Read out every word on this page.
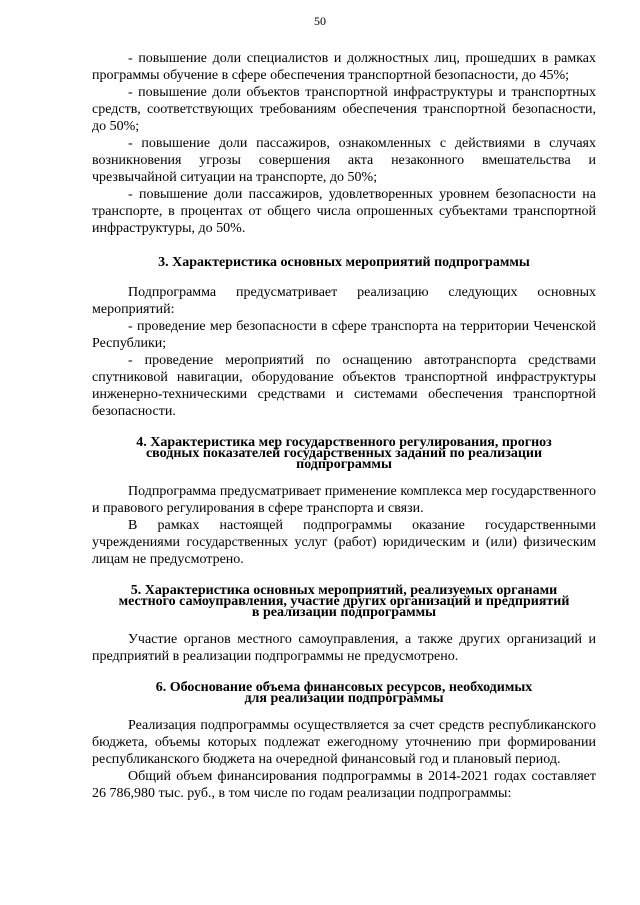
50

- повышение доли специалистов и должностных лиц, прошедших в рамках программы обучение в сфере обеспечения транспортной безопасности, до 45%;

- повышение доли объектов транспортной инфраструктуры и транспортных средств, соответствующих требованиям обеспечения транспортной безопасности, до 50%;

- повышение доли пассажиров, ознакомленных с действиями в случаях возникновения угрозы совершения акта незаконного вмешательства и чрезвычайной ситуации на транспорте, до 50%;

- повышение доли пассажиров, удовлетворенных уровнем безопасности на транспорте, в процентах от общего числа опрошенных субъектами транспортной инфраструктуры, до 50%.

3. Характеристика основных мероприятий подпрограммы

Подпрограмма предусматривает реализацию следующих основных мероприятий:

- проведение мер безопасности в сфере транспорта на территории Чеченской Республики;

- проведение мероприятий по оснащению автотранспорта средствами спутниковой навигации, оборудование объектов транспортной инфраструктуры инженерно-техническими средствами и системами обеспечения транспортной безопасности.

4. Характеристика мер государственного регулирования, прогноз
сводных показателей государственных заданий по реализации
подпрограммы

Подпрограмма предусматривает применение комплекса мер государственного и правового регулирования в сфере транспорта и связи.

В рамках настоящей подпрограммы оказание государственными учреждениями государственных услуг (работ) юридическим и (или) физическим лицам не предусмотрено.

5. Характеристика основных мероприятий, реализуемых органами
местного самоуправления, участие других организаций и предприятий
в реализации подпрограммы

Участие органов местного самоуправления, а также других организаций и предприятий в реализации подпрограммы не предусмотрено.

6. Обоснование объема финансовых ресурсов, необходимых
для реализации подпрограммы

Реализация подпрограммы осуществляется за счет средств республиканского бюджета, объемы которых подлежат ежегодному уточнению при формировании республиканского бюджета на очередной финансовый год и плановый период.

Общий объем финансирования подпрограммы в 2014-2021 годах составляет 26 786,980 тыс. руб., в том числе по годам реализации подпрограммы:
